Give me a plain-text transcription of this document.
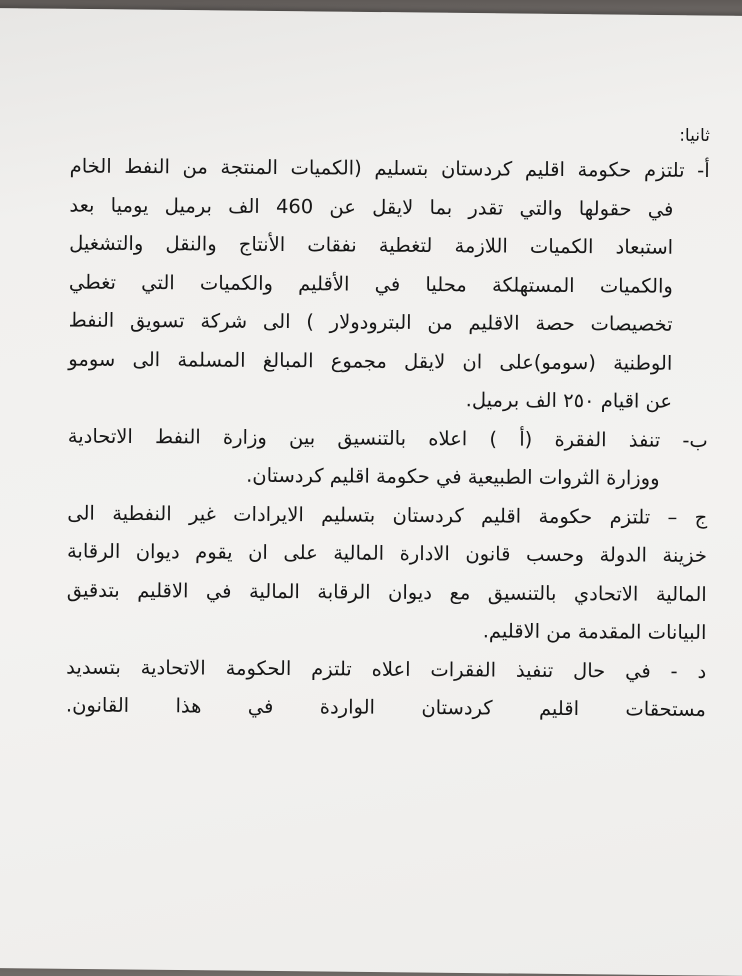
ثانيا:
أ- تلتزم حكومة اقليم كردستان بتسليم (الكميات المنتجة من النفط الخام
في حقولها والتي تقدر بما لايقل عن 460 الف برميل يوميا بعد
استبعاد الكميات اللازمة لتغطية نفقات الأنتاج والنقل والتشغيل
والكميات المستهلكة محليا في الأقليم والكميات التي تغطي
تخصيصات حصة الاقليم من البترودولار ) الى شركة تسويق النفط
الوطنية (سومو)على ان لايقل مجموع المبالغ المسلمة الى سومو
عن اقيام ٢٥٠ الف برميل.
ب- تنفذ الفقرة (أ ) اعلاه بالتنسيق بين وزارة النفط الاتحادية
ووزارة الثروات الطبيعية في حكومة اقليم كردستان.
ج – تلتزم حكومة اقليم كردستان بتسليم الايرادات غير النفطية الى
خزينة الدولة وحسب قانون الادارة المالية على ان يقوم ديوان الرقابة
المالية الاتحادي بالتنسيق مع ديوان الرقابة المالية في الاقليم بتدقيق
البيانات المقدمة من الاقليم.
د - في حال تنفيذ الفقرات اعلاه تلتزم الحكومة الاتحادية بتسديد
مستحقات اقليم كردستان الواردة في هذا القانون.
